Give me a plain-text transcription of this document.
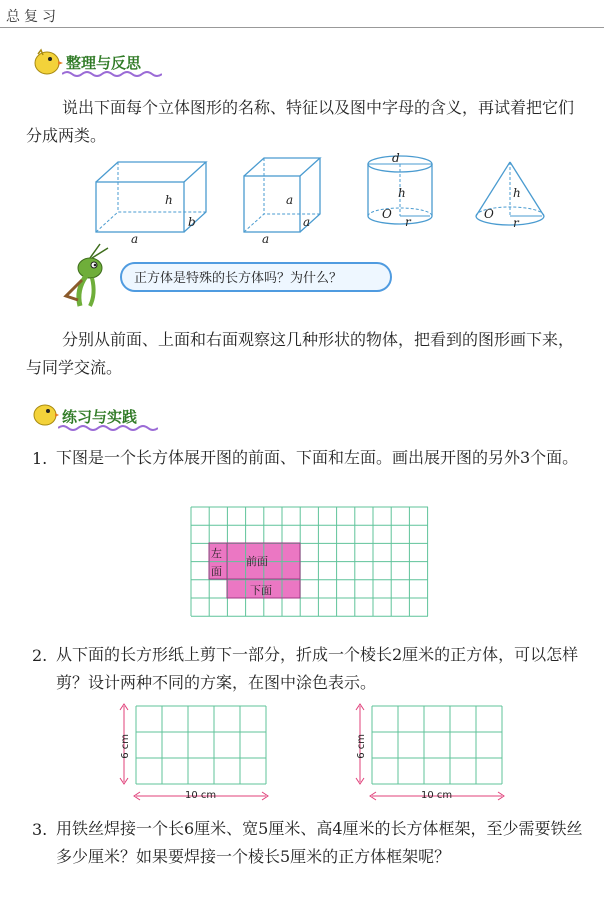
总复习
整理与反思
说出下面每个立体图形的名称、特征以及图中字母的含义，再试着把它们分成两类。
h
b
a
a
a
a
d
h
O
r
h
O
r
正方体是特殊的长方体吗？为什么？
分别从前面、上面和右面观察这几种形状的物体，把看到的图形画下来，与同学交流。
练习与实践
1. 下图是一个长方体展开图的前面、下面和左面。画出展开图的另外3个面。
左面
前面
下面
2. 从下面的长方形纸上剪下一部分，折成一个棱长2厘米的正方体，可以怎样剪？设计两种不同的方案，在图中涂色表示。
6 cm
10 cm
6 cm
10 cm
3. 用铁丝焊接一个长6厘米、宽5厘米、高4厘米的长方体框架，至少需要铁丝多少厘米？如果要焊接一个棱长5厘米的正方体框架呢？
